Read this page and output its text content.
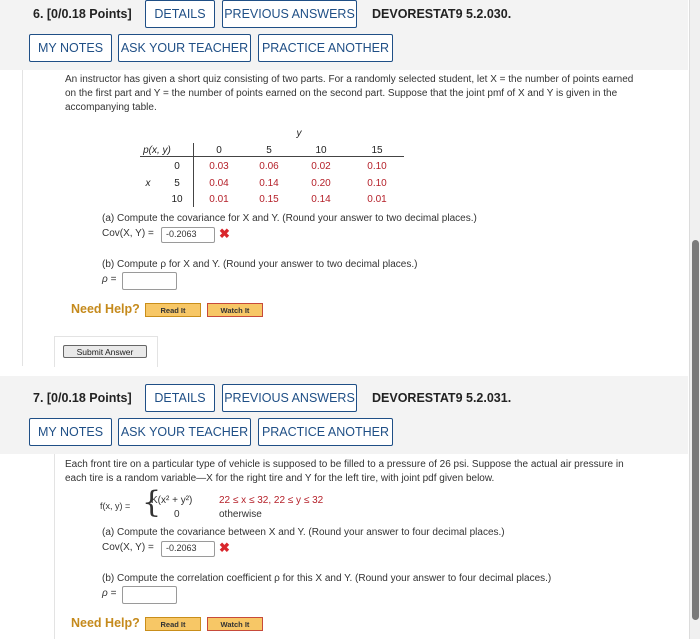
6. [0/0.18 Points]	DETAILS	PREVIOUS ANSWERS DEVORESTAT9 5.2.030.
MY NOTES	ASK YOUR TEACHER	PRACTICE ANOTHER
An instructor has given a short quiz consisting of two parts. For a randomly selected student, let X = the number of points earned
on the first part and Y = the number of points earned on the second part. Suppose that the joint pmf of X and Y is given in the
accompanying table.
y
p(x, y)	0	5	10	15
x
0	0.03	0.06	0.02	0.10
5	0.04	0.14	0.20	0.10
10	0.01	0.15	0.14	0.01
(a) Compute the covariance for X and Y. (Round your answer to two decimal places.)
Cov(X, Y) =	-0.2063	✖
(b) Compute ρ for X and Y. (Round your answer to two decimal places.)
ρ =
Need Help?	Read It	Watch It
Submit Answer
7. [0/0.18 Points]	DETAILS	PREVIOUS ANSWERS DEVORESTAT9 5.2.031.
MY NOTES	ASK YOUR TEACHER	PRACTICE ANOTHER
Each front tire on a particular type of vehicle is supposed to be filled to a pressure of 26 psi. Suppose the actual air pressure in
each tire is a random variable—X for the right tire and Y for the left tire, with joint pdf given below.
f(x, y) = {
K(x² + y²)	22 ≤ x ≤ 32, 22 ≤ y ≤ 32
0	otherwise
(a) Compute the covariance between X and Y. (Round your answer to four decimal places.)
Cov(X, Y) =	-0.2063	✖
(b) Compute the correlation coefficient ρ for this X and Y. (Round your answer to four decimal places.)
ρ =
Need Help?	Read It	Watch It
